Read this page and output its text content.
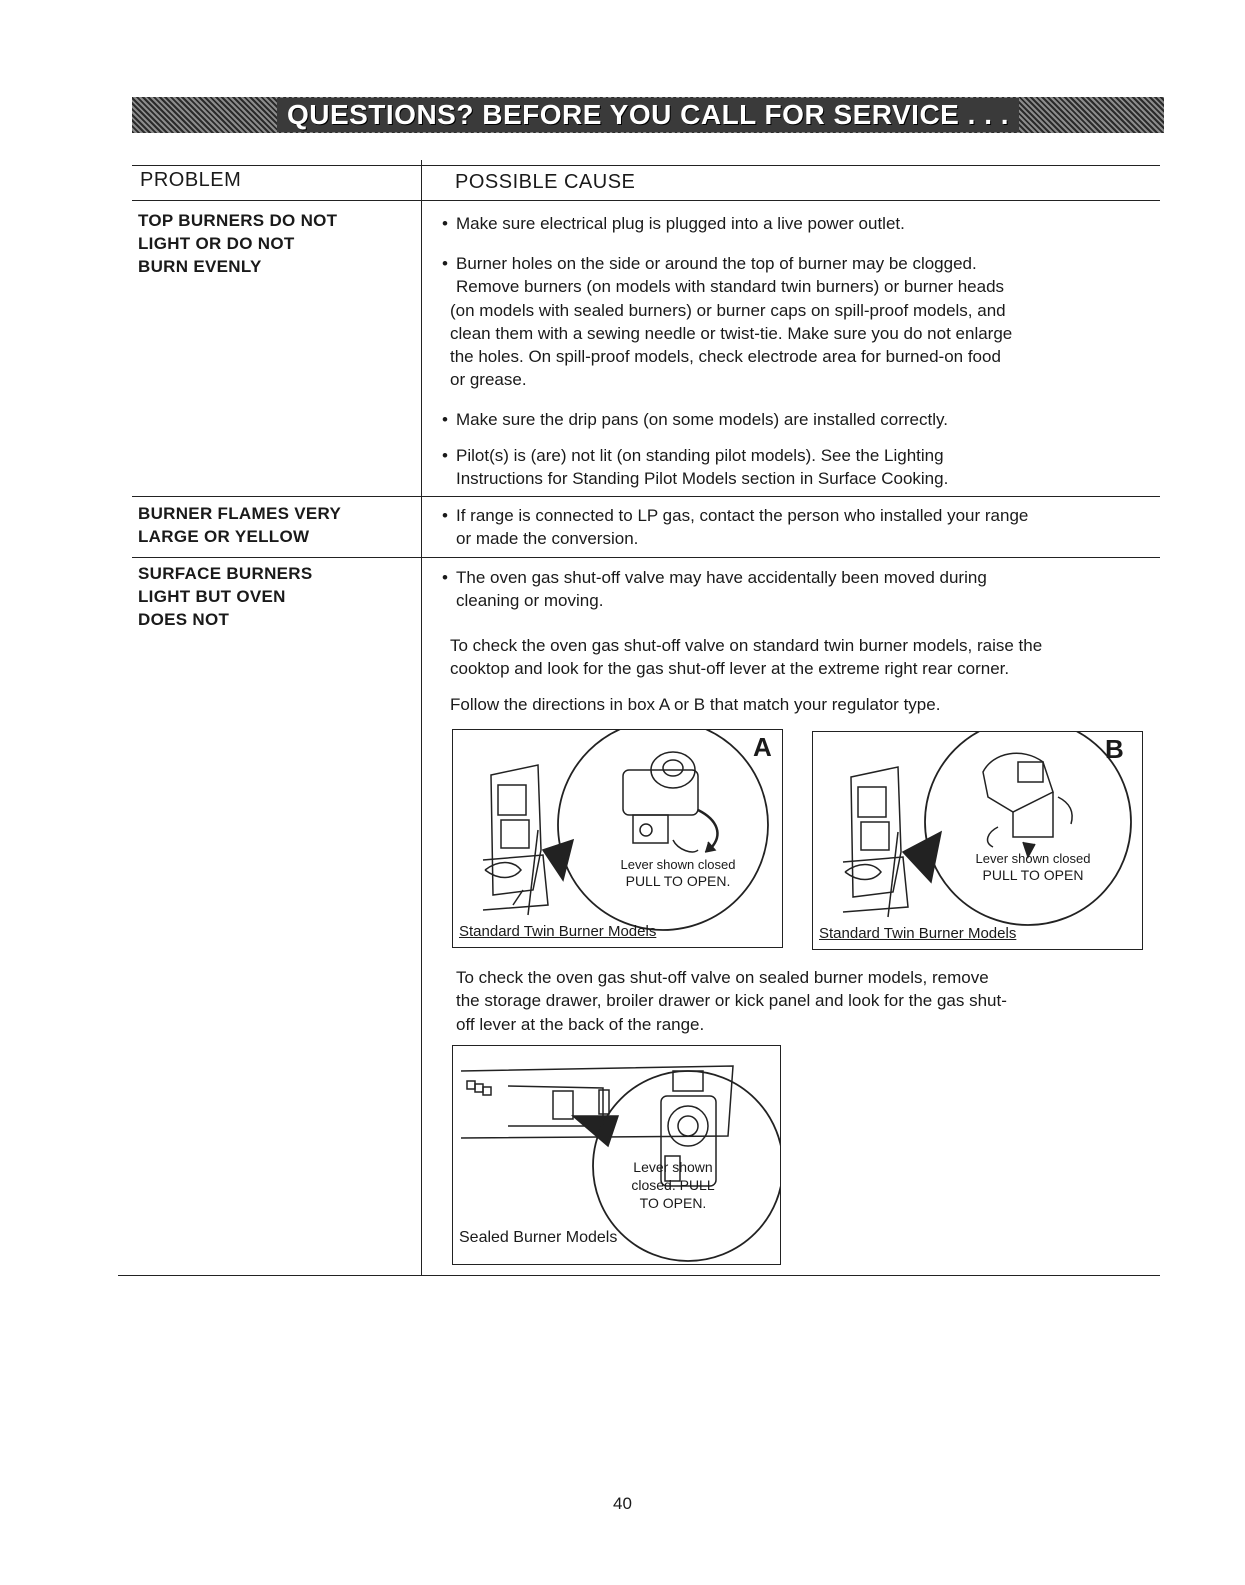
QUESTIONS? BEFORE YOU CALL FOR SERVICE . . .
PROBLEM	POSSIBLE CAUSE
TOP BURNERS DO NOT
LIGHT OR DO NOT
BURN EVENLY
• Make sure electrical plug is plugged into a live power outlet.
• Burner holes on the side or around the top of burner may be clogged.
Remove burners (on models with standard twin burners) or burner heads
(on models with sealed burners) or burner caps on spill-proof models, and
clean them with a sewing needle or twist-tie. Make sure you do not enlarge
the holes. On spill-proof models, check electrode area for burned-on food
or grease.
• Make sure the drip pans (on some models) are installed correctly.
• Pilot(s) is (are) not lit (on standing pilot models). See the Lighting
Instructions for Standing Pilot Models section in Surface Cooking.
BURNER FLAMES VERY
LARGE OR YELLOW
• If range is connected to LP gas, contact the person who installed your range
or made the conversion.
SURFACE BURNERS
LIGHT BUT OVEN
DOES NOT
• The oven gas shut-off valve may have accidentally been moved during
cleaning or moving.
To check the oven gas shut-off valve on standard twin burner models, raise the
cooktop and look for the gas shut-off lever at the extreme right rear corner.
Follow the directions in box A or B that match your regulator type.
A
Lever shown closed
PULL TO OPEN.
Standard Twin Burner Models
B
Lever shown closed
PULL TO OPEN
Standard Twin Burner Models
To check the oven gas shut-off valve on sealed burner models, remove
the storage drawer, broiler drawer or kick panel and look for the gas shut-
off lever at the back of the range.
Lever shown
closed. PULL
TO OPEN.
Sealed Burner Models
40
